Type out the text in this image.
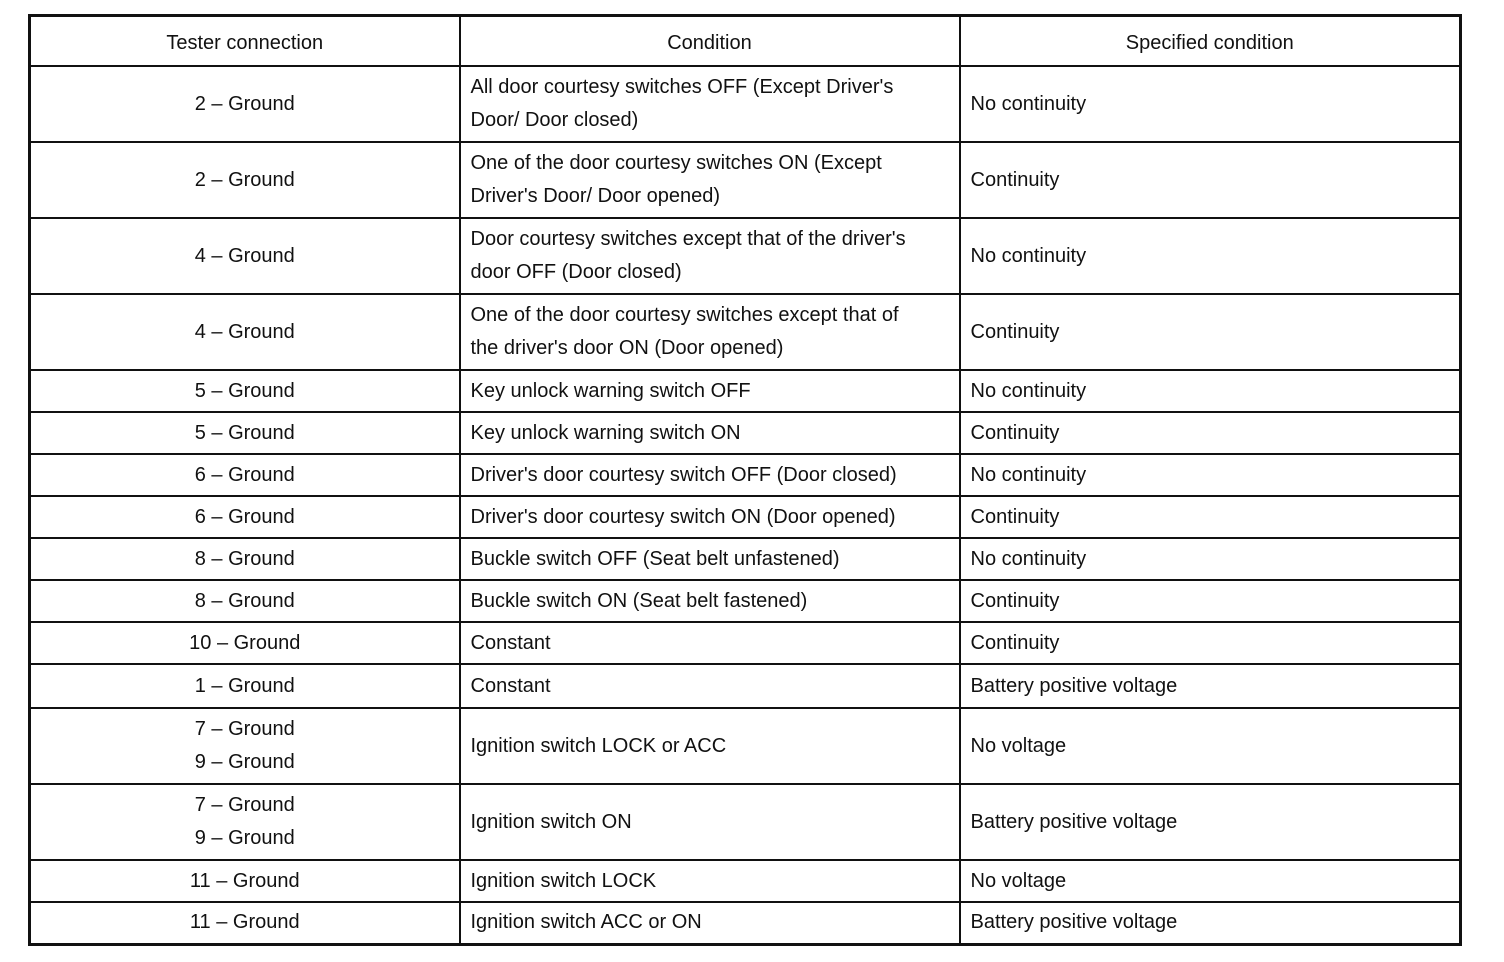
Tester connection	Condition	Specified condition

2 – Ground	All door courtesy switches OFF (Except Driver's
Door/ Door closed)	No continuity

2 – Ground	One of the door courtesy switches ON (Except
Driver's Door/ Door opened)	Continuity

4 – Ground	Door courtesy switches except that of the driver's
door OFF (Door closed)	No continuity

4 – Ground	One of the door courtesy switches except that of
the driver's door ON (Door opened)	Continuity

5 – Ground	Key unlock warning switch OFF	No continuity

5 – Ground	Key unlock warning switch ON	Continuity

6 – Ground	Driver's door courtesy switch OFF (Door closed)	No continuity

6 – Ground	Driver's door courtesy switch ON (Door opened)	Continuity

8 – Ground	Buckle switch OFF (Seat belt unfastened)	No continuity

8 – Ground	Buckle switch ON (Seat belt fastened)	Continuity

10 – Ground	Constant	Continuity

1 – Ground	Constant	Battery positive voltage

7 – Ground
9 – Ground	Ignition switch LOCK or ACC	No voltage

7 – Ground
9 – Ground	Ignition switch ON	Battery positive voltage

11 – Ground	Ignition switch LOCK	No voltage

11 – Ground	Ignition switch ACC or ON	Battery positive voltage
